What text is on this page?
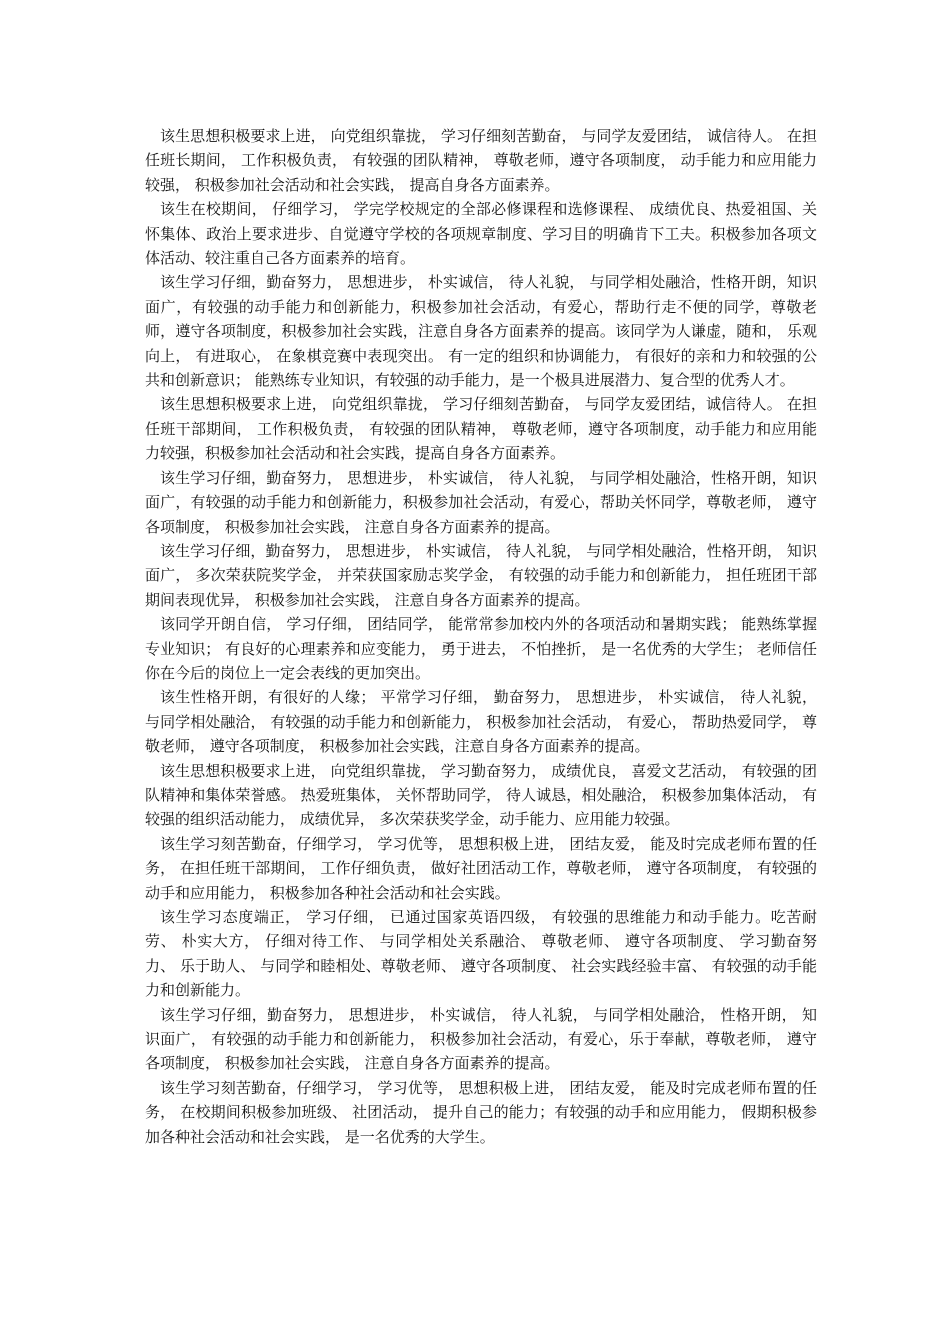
该生思想积极要求上进， 向党组织靠拢， 学习仔细刻苦勤奋， 与同学友爱团结， 诚信待人。 在担任班长期间， 工作积极负责， 有较强的团队精神， 尊敬老师，遵守各项制度， 动手能力和应用能力较强， 积极参加社会活动和社会实践， 提高自身各方面素养。

该生在校期间， 仔细学习， 学完学校规定的全部必修课程和选修课程、 成绩优良、热爱祖国、关怀集体、政治上要求进步、自觉遵守学校的各项规章制度、学习目的明确肯下工夫。积极参加各项文体活动、较注重自己各方面素养的培育。

该生学习仔细，勤奋努力， 思想进步， 朴实诚信， 待人礼貌， 与同学相处融洽，性格开朗，知识面广，有较强的动手能力和创新能力，积极参加社会活动，有爱心，帮助行走不便的同学，尊敬老师，遵守各项制度，积极参加社会实践，注意自身各方面素养的提高。该同学为人谦虚，随和， 乐观向上， 有进取心， 在象棋竞赛中表现突出。 有一定的组织和协调能力， 有很好的亲和力和较强的公共和创新意识； 能熟练专业知识，有较强的动手能力，是一个极具进展潜力、复合型的优秀人才。

该生思想积极要求上进， 向党组织靠拢， 学习仔细刻苦勤奋， 与同学友爱团结，诚信待人。 在担任班干部期间， 工作积极负责， 有较强的团队精神， 尊敬老师，遵守各项制度，动手能力和应用能力较强，积极参加社会活动和社会实践，提高自身各方面素养。

该生学习仔细，勤奋努力， 思想进步， 朴实诚信， 待人礼貌， 与同学相处融洽，性格开朗，知识面广，有较强的动手能力和创新能力，积极参加社会活动，有爱心，帮助关怀同学，尊敬老师， 遵守各项制度， 积极参加社会实践， 注意自身各方面素养的提高。

该生学习仔细，勤奋努力， 思想进步， 朴实诚信， 待人礼貌， 与同学相处融洽，性格开朗， 知识面广， 多次荣获院奖学金， 并荣获国家励志奖学金， 有较强的动手能力和创新能力， 担任班团干部期间表现优异， 积极参加社会实践， 注意自身各方面素养的提高。

该同学开朗自信， 学习仔细， 团结同学， 能常常参加校内外的各项活动和暑期实践； 能熟练掌握专业知识； 有良好的心理素养和应变能力， 勇于进去， 不怕挫折， 是一名优秀的大学生； 老师信任你在今后的岗位上一定会表线的更加突出。

该生性格开朗，有很好的人缘； 平常学习仔细， 勤奋努力， 思想进步， 朴实诚信， 待人礼貌， 与同学相处融洽， 有较强的动手能力和创新能力， 积极参加社会活动， 有爱心， 帮助热爱同学， 尊敬老师， 遵守各项制度， 积极参加社会实践，注意自身各方面素养的提高。

该生思想积极要求上进， 向党组织靠拢， 学习勤奋努力， 成绩优良， 喜爱文艺活动， 有较强的团队精神和集体荣誉感。 热爱班集体， 关怀帮助同学， 待人诚恳，相处融洽， 积极参加集体活动， 有较强的组织活动能力， 成绩优异， 多次荣获奖学金，动手能力、应用能力较强。

该生学习刻苦勤奋，仔细学习， 学习优等， 思想积极上进， 团结友爱， 能及时完成老师布置的任务， 在担任班干部期间， 工作仔细负责， 做好社团活动工作，尊敬老师， 遵守各项制度， 有较强的动手和应用能力， 积极参加各种社会活动和社会实践。

该生学习态度端正， 学习仔细， 已通过国家英语四级， 有较强的思维能力和动手能力。吃苦耐劳、 朴实大方， 仔细对待工作、 与同学相处关系融洽、 尊敬老师、 遵守各项制度、 学习勤奋努力、 乐于助人、 与同学和睦相处、尊敬老师、 遵守各项制度、 社会实践经验丰富、 有较强的动手能力和创新能力。

该生学习仔细，勤奋努力， 思想进步， 朴实诚信， 待人礼貌， 与同学相处融洽， 性格开朗， 知识面广， 有较强的动手能力和创新能力， 积极参加社会活动，有爱心，乐于奉献，尊敬老师， 遵守各项制度， 积极参加社会实践， 注意自身各方面素养的提高。

该生学习刻苦勤奋，仔细学习， 学习优等， 思想积极上进， 团结友爱， 能及时完成老师布置的任务， 在校期间积极参加班级、 社团活动， 提升自己的能力；有较强的动手和应用能力， 假期积极参加各种社会活动和社会实践， 是一名优秀的大学生。
